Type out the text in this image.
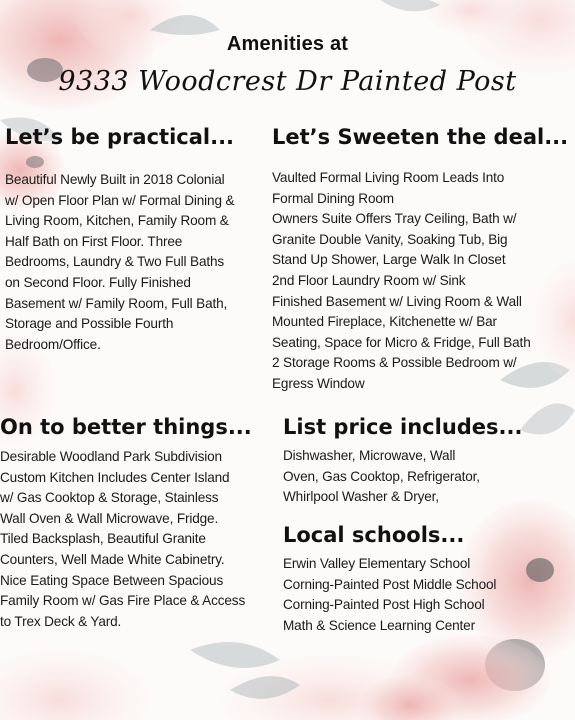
Amenities at
9333 Woodcrest Dr Painted Post
Let’s be practical...
Beautiful Newly Built in 2018 Colonial
w/ Open Floor Plan w/ Formal Dining &
Living Room, Kitchen, Family Room &
Half Bath on First Floor. Three
Bedrooms, Laundry & Two Full Baths
on Second Floor. Fully Finished
Basement w/ Family Room, Full Bath,
Storage and Possible Fourth
Bedroom/Office.
Let’s Sweeten the deal...
Vaulted Formal Living Room Leads Into
Formal Dining Room
Owners Suite Offers Tray Ceiling, Bath w/
Granite Double Vanity, Soaking Tub, Big
Stand Up Shower, Large Walk In Closet
2nd Floor Laundry Room w/ Sink
Finished Basement w/ Living Room & Wall
Mounted Fireplace, Kitchenette w/ Bar
Seating, Space for Micro & Fridge, Full Bath
2 Storage Rooms & Possible Bedroom w/
Egress Window
On to better things...
Desirable Woodland Park Subdivision
Custom Kitchen Includes Center Island
w/ Gas Cooktop & Storage, Stainless
Wall Oven & Wall Microwave, Fridge.
Tiled Backsplash, Beautiful Granite
Counters, Well Made White Cabinetry.
Nice Eating Space Between Spacious
Family Room w/ Gas Fire Place & Access
to Trex Deck & Yard.
List price includes...
Dishwasher, Microwave, Wall
Oven, Gas Cooktop, Refrigerator,
Whirlpool Washer & Dryer,
Local schools...
Erwin Valley Elementary School
Corning-Painted Post Middle School
Corning-Painted Post High School
Math & Science Learning Center
